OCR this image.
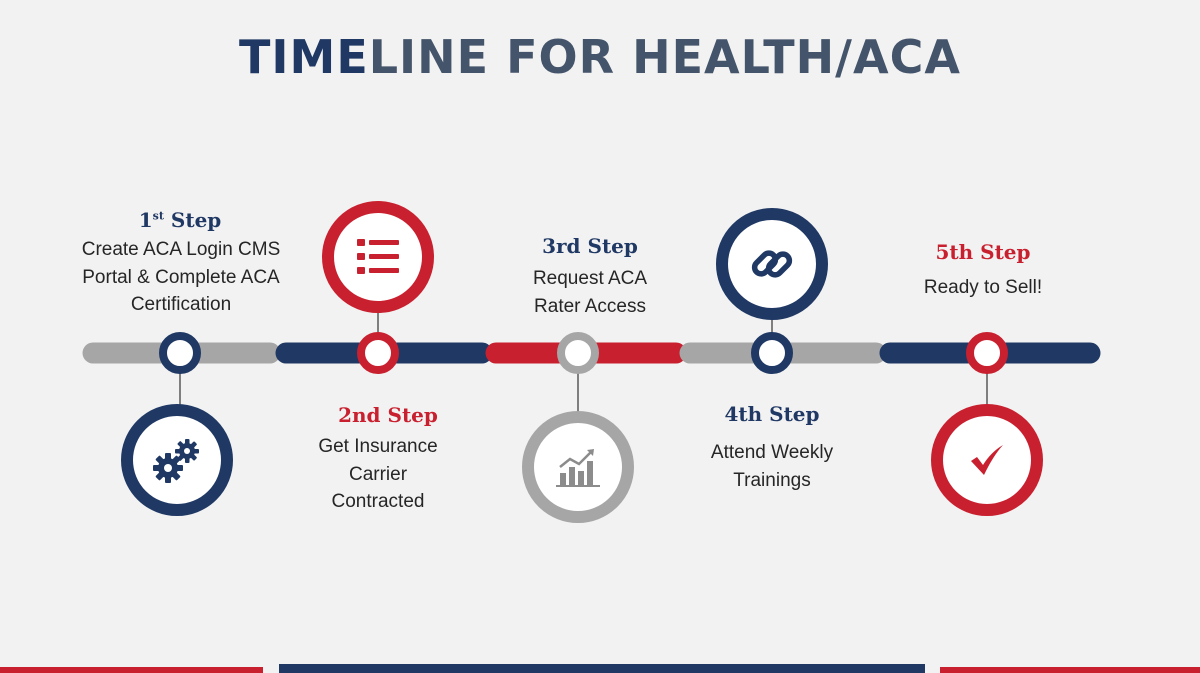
TIMELINE FOR HEALTH/ACA
1st Step
Create ACA Login CMS
Portal & Complete ACA
Certification
2nd Step
Get Insurance
Carrier
Contracted
3rd Step
Request ACA
Rater Access
4th Step
Attend Weekly
Trainings
5th Step
Ready to Sell!
